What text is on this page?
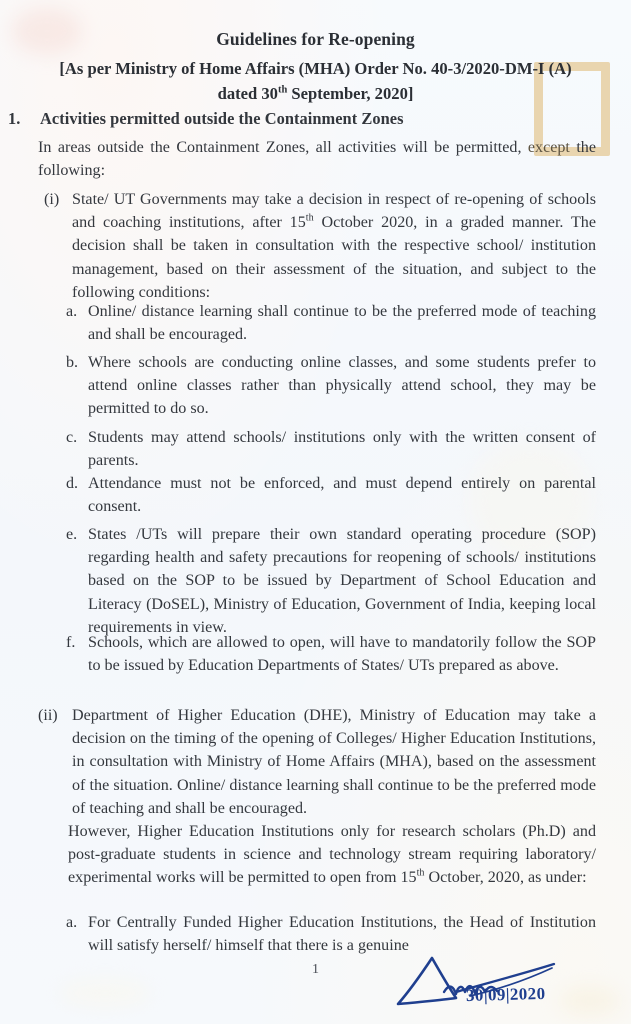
Guidelines for Re-opening
[As per Ministry of Home Affairs (MHA) Order No. 40-3/2020-DM-I (A)
dated 30th September, 2020]
1. Activities permitted outside the Containment Zones
In areas outside the Containment Zones, all activities will be permitted, except the following:
(i) State/ UT Governments may take a decision in respect of re-opening of schools and coaching institutions, after 15th October 2020, in a graded manner. The decision shall be taken in consultation with the respective school/ institution management, based on their assessment of the situation, and subject to the following conditions:
a. Online/ distance learning shall continue to be the preferred mode of teaching and shall be encouraged.
b. Where schools are conducting online classes, and some students prefer to attend online classes rather than physically attend school, they may be permitted to do so.
c. Students may attend schools/ institutions only with the written consent of parents.
d. Attendance must not be enforced, and must depend entirely on parental consent.
e. States /UTs will prepare their own standard operating procedure (SOP) regarding health and safety precautions for reopening of schools/ institutions based on the SOP to be issued by Department of School Education and Literacy (DoSEL), Ministry of Education, Government of India, keeping local requirements in view.
f. Schools, which are allowed to open, will have to mandatorily follow the SOP to be issued by Education Departments of States/ UTs prepared as above.
(ii) Department of Higher Education (DHE), Ministry of Education may take a decision on the timing of the opening of Colleges/ Higher Education Institutions, in consultation with Ministry of Home Affairs (MHA), based on the assessment of the situation. Online/ distance learning shall continue to be the preferred mode of teaching and shall be encouraged.
However, Higher Education Institutions only for research scholars (Ph.D) and post-graduate students in science and technology stream requiring laboratory/ experimental works will be permitted to open from 15th October, 2020, as under:
a. For Centrally Funded Higher Education Institutions, the Head of Institution will satisfy herself/ himself that there is a genuine
1
30|09|2020
